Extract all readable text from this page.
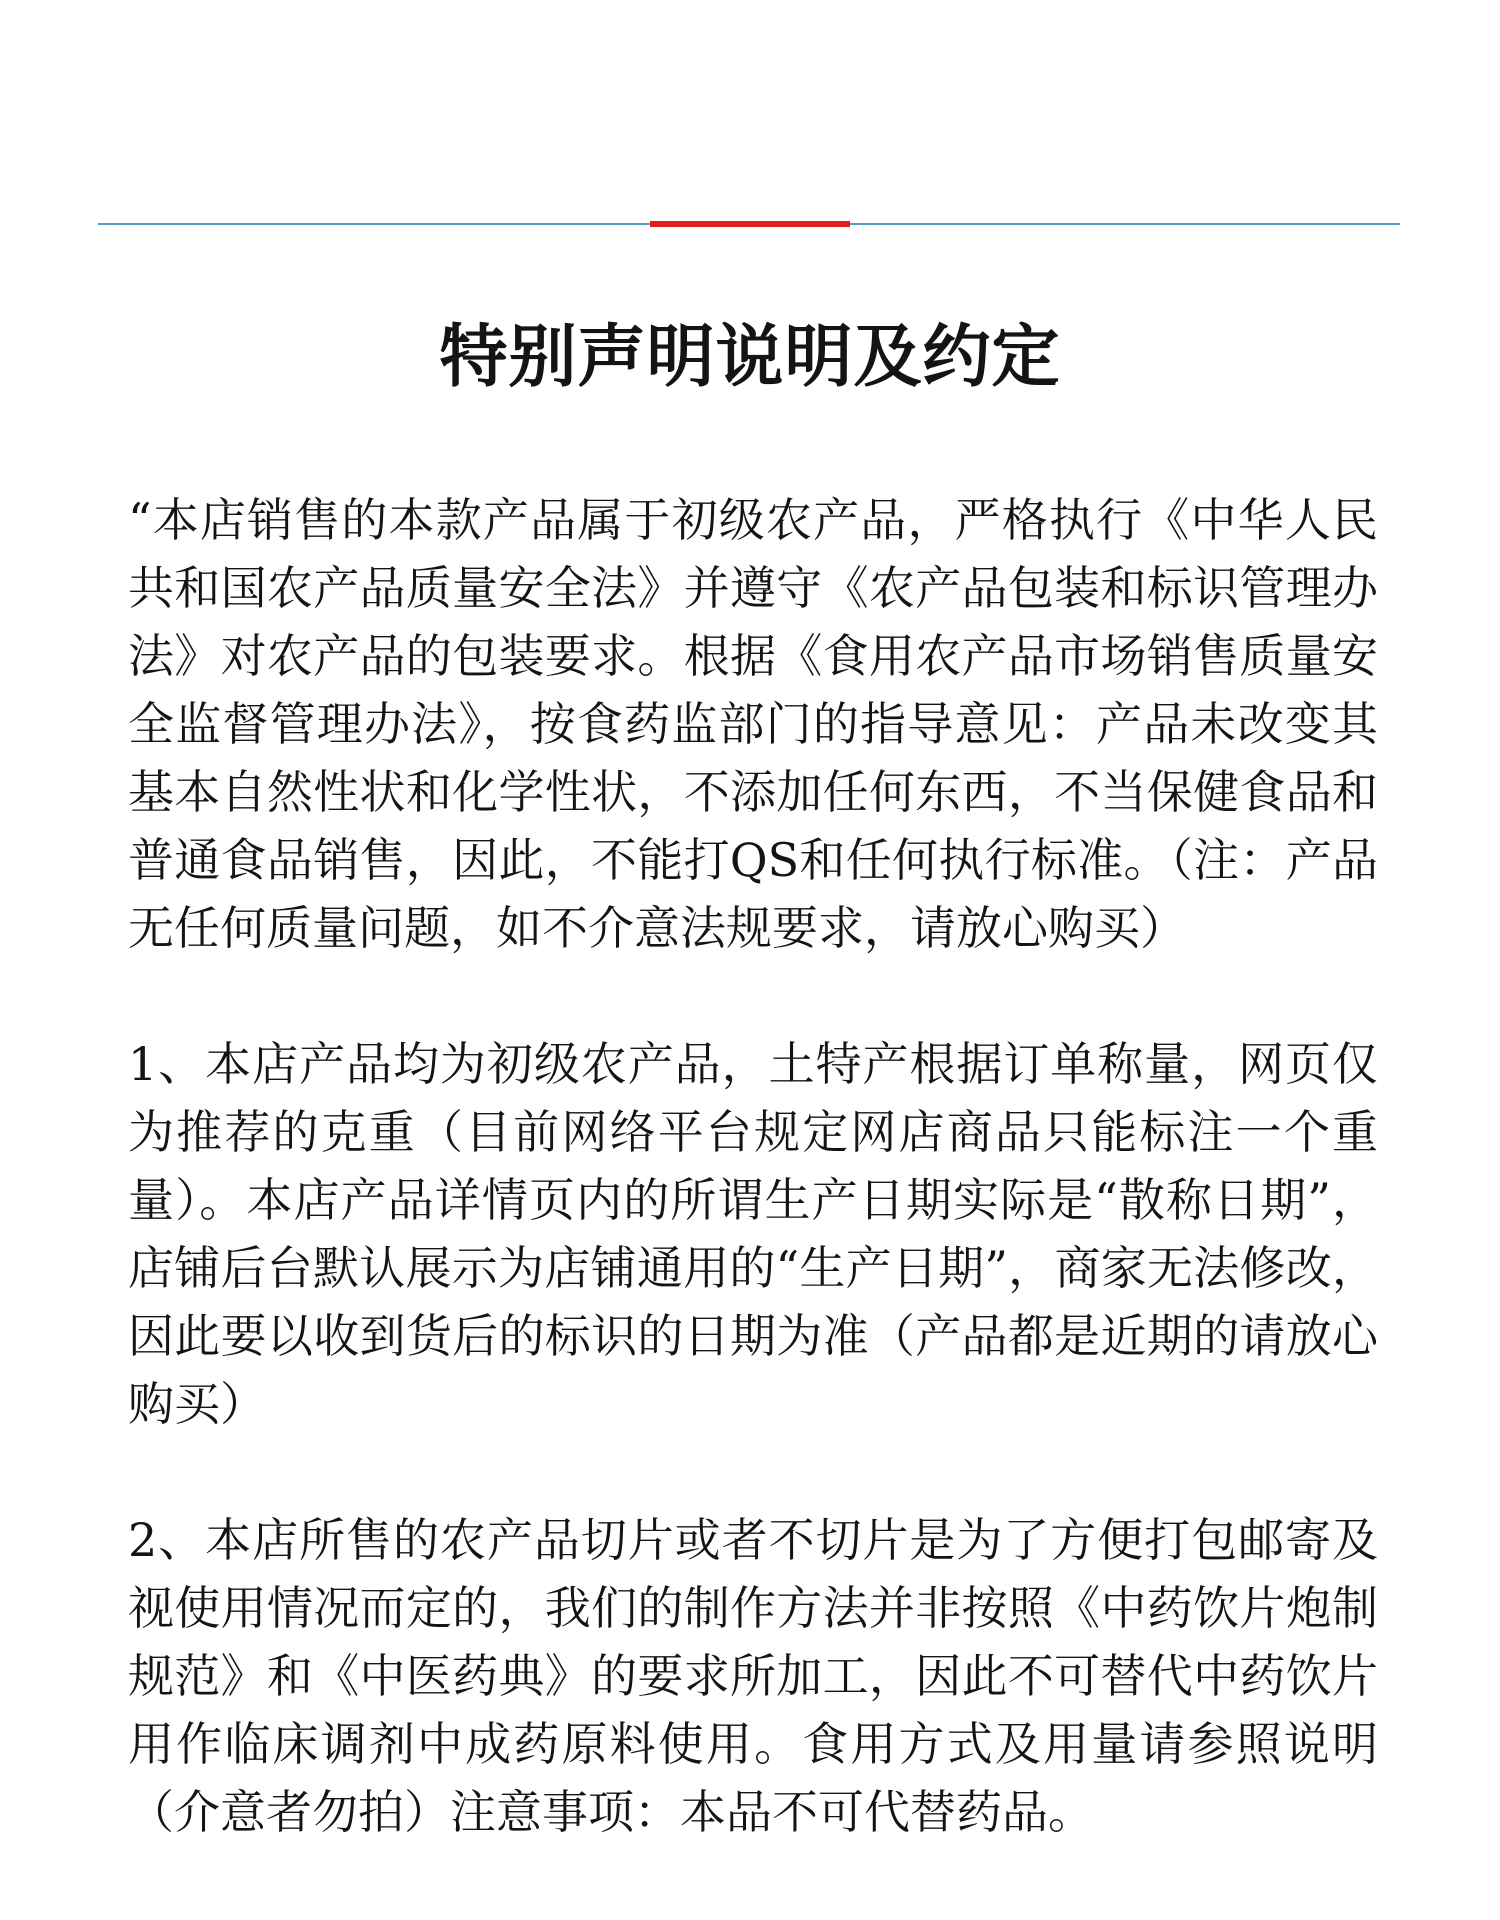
特别声明说明及约定

“本店销售的本款产品属于初级农产品，严格执行《中华人民共和国农产品质量安全法》并遵守《农产品包装和标识管理办法》对农产品的包装要求。根据《食用农产品市场销售质量安全监督管理办法》，按食药监部门的指导意见：产品未改变其基本自然性状和化学性状，不添加任何东西，不当保健食品和普通食品销售，因此，不能打QS和任何执行标准。（注：产品无任何质量问题，如不介意法规要求，请放心购买）

1、本店产品均为初级农产品，土特产根据订单称量，网页仅为推荐的克重（目前网络平台规定网店商品只能标注一个重量）。本店产品详情页内的所谓生产日期实际是“散称日期”，店铺后台默认展示为店铺通用的“生产日期”，商家无法修改，因此要以收到货后的标识的日期为准（产品都是近期的请放心购买）

2、本店所售的农产品切片或者不切片是为了方便打包邮寄及视使用情况而定的，我们的制作方法并非按照《中药饮片炮制规范》和《中医药典》的要求所加工，因此不可替代中药饮片用作临床调剂中成药原料使用。食用方式及用量请参照说明（介意者勿拍）注意事项：本品不可代替药品。
